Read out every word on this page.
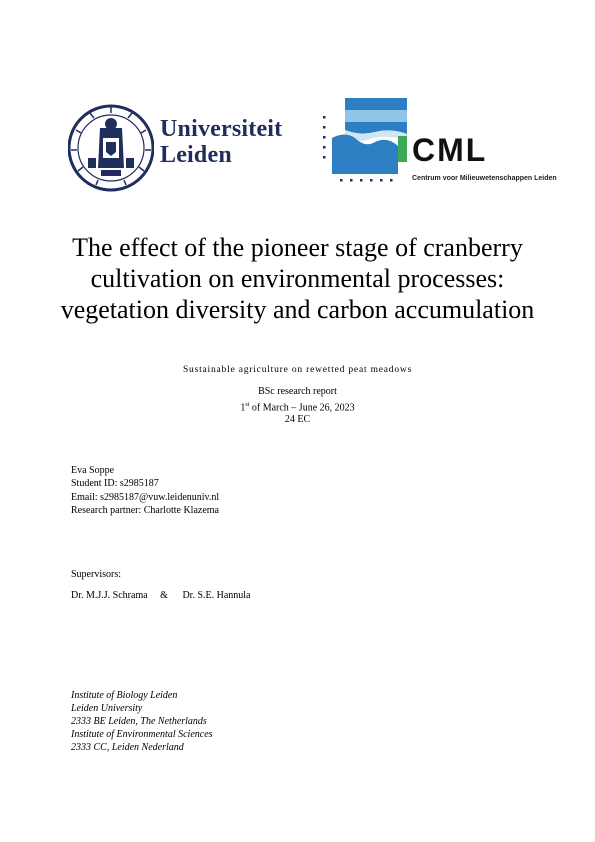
Universiteit
Leiden	CML
Centrum voor Milieuwetenschappen Leiden
The effect of the pioneer stage of cranberry cultivation on environmental processes: vegetation diversity and carbon accumulation
Sustainable agriculture on rewetted peat meadows
BSc research report
1st of March – June 26, 2023
24 EC
Eva Soppe
Student ID: s2985187
Email: s2985187@vuw.leidenuniv.nl
Research partner: Charlotte Klazema
Supervisors:
Dr. M.J.J. Schrama & Dr. S.E. Hannula
Institute of Biology Leiden
Leiden University
2333 BE Leiden, The Netherlands
Institute of Environmental Sciences
2333 CC, Leiden Nederland
